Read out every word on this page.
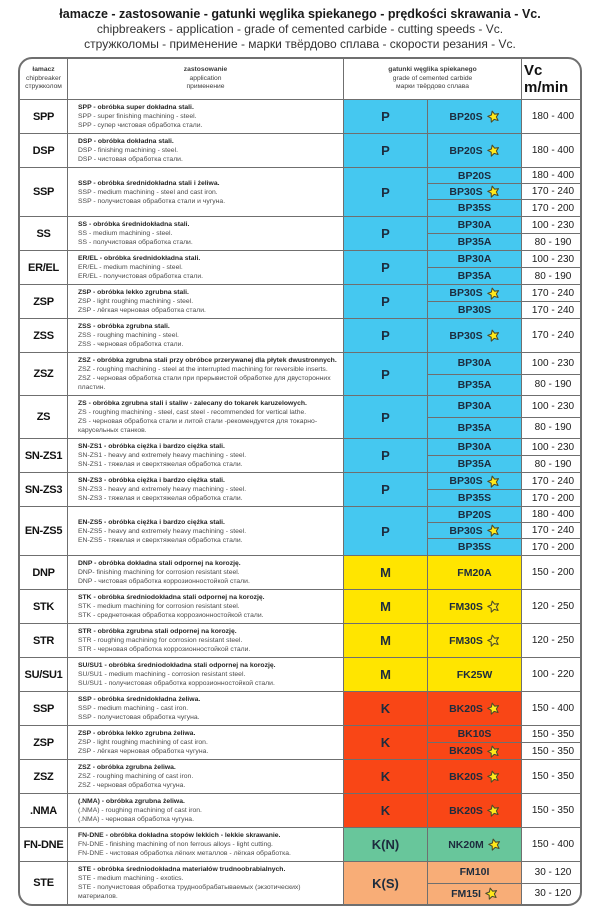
łamacze - zastosowanie - gatunki węglika spiekanego - prędkości skrawania - Vc.
chipbreakers - application - grade of cemented carbide - cutting speeds - Vc.
стружколомы - применение - марки твёрдово сплава - скорости резания - Vc.
łamacz
chipbreaker
стружколом
zastosowanie
application
применение
gatunki węglika spiekanego
grade of cemented carbide
марки твёрдово сплава
Vc m/min
SPP
SPP - obróbka super dokładna stali.
SPP - super finishing machining - steel.
SPP - супер чистовая обработка стали.
P	BP20S	180 - 400
DSP
DSP - obróbka dokładna stali.
DSP - finishing machining - steel.
DSP - чистовая обработка стали.
P	BP20S	180 - 400
SSP
SSP - obróbka średnidokładna stali i żeliwa.
SSP - medium machining - steel and cast iron.
SSP - получистовая обработка стали и чугуна.
P
BP20S	180 - 400
BP30S	170 - 240
BP35S	170 - 200
SS
SS - obróbka średnidokładna stali.
SS - medium machining - steel.
SS - получистовая обработка стали.
P
BP30A	100 - 230
BP35A	80 - 190
ER/EL
ER/EL - obróbka średnidokładna stali.
ER/EL - medium machining - steel.
ER/EL - получистовая обработка стали.
P
BP30A	100 - 230
BP35A	80 - 190
ZSP
ZSP - obróbka lekko zgrubna stali.
ZSP - light roughing machining - steel.
ZSP - лёгкая черновая обработка стали.
P
BP30S	170 - 240
BP30S	170 - 240
ZSS
ZSS - obróbka zgrubna stali.
ZSS - roughing machining - steel.
ZSS - черновая обработка стали.
P	BP30S	170 - 240
ZSZ
ZSZ - obróbka zgrubna stali przy obróbce przerywanej dla płytek dwustronnych.
ZSZ - roughing machining - steel at the interrupted machining for reversible inserts.
ZSZ - черновая обработка стали при прерывистой обработке для двусторонних пластин.
P
BP30A	100 - 230
BP35A	80 - 190
ZS
ZS - obróbka zgrubna stali i staliw - zalecany do tokarek karuzelowych.
ZS - roughing machining - steel, cast steel - recommended for vertical lathe.
ZS - черновая обработка стали и литой стали -рекомендуется для токарно-карусельных станков.
P
BP30A	100 - 230
BP35A	80 - 190
SN-ZS1
SN-ZS1 - obróbka ciężka i bardzo ciężka stali.
SN-ZS1 - heavy and extremely heavy machining - steel.
SN-ZS1 - тяжелая и сверхтяжелая обработка стали.
P
BP30A	100 - 230
BP35A	80 - 190
SN-ZS3
SN-ZS3 - obróbka ciężka i bardzo ciężka stali.
SN-ZS3 - heavy and extremely heavy machining - steel.
SN-ZS3 - тяжелая и сверхтяжелая обработка стали.
P
BP30S	170 - 240
BP35S	170 - 200
EN-ZS5
EN-ZS5 - obróbka ciężka i bardzo ciężka stali.
EN-ZS5 - heavy and extremely heavy machining - steel.
EN-ZS5 - тяжелая и сверхтяжелая обработка стали.
P
BP20S	180 - 400
BP30S	170 - 240
BP35S	170 - 200
DNP
DNP - obróbka dokładna stali odpornej na korozję.
DNP- finishing machining for corrosion resistant steel.
DNP - чистовая обработка коррозионностойкой стали.
M	FM20A	150 - 200
STK
STK - obróbka średniodokładna stali odpornej na korozję.
STK - medium machining for corrosion resistant steel.
STK - среднетонкая обработка коррозионностойкой стали.
M	FM30S	120 - 250
STR
STR - obróbka zgrubna stali odpornej na korozję.
STR - roughing machining for corrosion resistant steel.
STR - черновая обработка коррозионностойкой стали.
M	FM30S	120 - 250
SU/SU1
SU/SU1 - obróbka średniodokładna stali odpornej na korozję.
SU/SU1 - medium machining - corrosion resistant steel.
SU/SU1 - получистовая обработка коррозионностойкой стали.
M	FK25W	100 - 220
SSP
SSP - obróbka średnidokładna żeliwa.
SSP - medium machining - cast iron.
SSP - получистовая обработка чугуна.
K	BK20S	150 - 400
ZSP
ZSP - obróbka lekko zgrubna żeliwa.
ZSP - light roughing machining of cast iron.
ZSP - лёгкая черновая обработка чугуна.
K
BK10S	150 - 350
BK20S	150 - 350
ZSZ
ZSZ - obróbka zgrubna żeliwa.
ZSZ - roughing machining of cast iron.
ZSZ - черновая обработка чугуна.
K	BK20S	150 - 350
.NMA
(.NMA) - obróbka zgrubna żeliwa.
(.NMA) - roughing machining of cast iron.
(.NMA) - черновая обработка чугуна.
K	BK20S	150 - 350
FN-DNE
FN-DNE - obróbka dokładna stopów lekkich - lekkie skrawanie.
FN-DNE - finishing machining of non ferrous alloys - light cutting.
FN-DNE - чистовая обработка лёгких металлов - лёгкая обработка.
K(N)	NK20M	150 - 400
STE
STE - obróbka średniodokładna materiałów trudnoobrabialnych.
STE - medium machining - exotics.
STE - получистовая обработка труднообрабатываемых (экзотических) материалов.
K(S)
FM10I	30 - 120
FM15I	30 - 120
